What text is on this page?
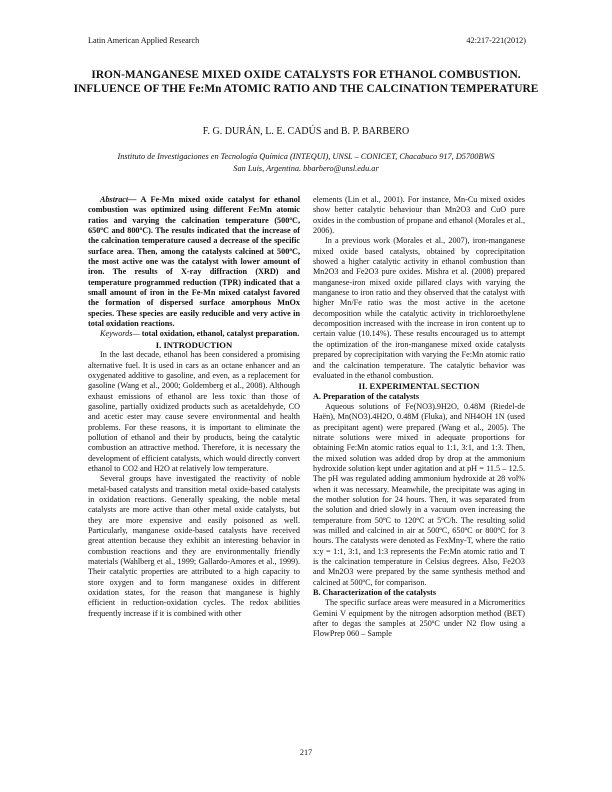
Latin American Applied Research	42:217-221(2012)
IRON-MANGANESE MIXED OXIDE CATALYSTS FOR ETHANOL COMBUSTION. INFLUENCE OF THE Fe:Mn ATOMIC RATIO AND THE CALCINATION TEMPERATURE
F. G. DURÁN, L. E. CADÚS and B. P. BARBERO
Instituto de Investigaciones en Tecnología Química (INTEQUI), UNSL – CONICET, Chacabuco 917, D5700BWS
San Luis, Argentina. bbarbero@unsl.edu.ar

Abstract— A Fe-Mn mixed oxide catalyst for ethanol combustion was optimized using different Fe:Mn atomic ratios and varying the calcination temperature (500ºC, 650ºC and 800ºC). The results indicated that the increase of the calcination temperature caused a decrease of the specific surface area. Then, among the catalysts calcined at 500ºC, the most active one was the catalyst with lower amount of iron. The results of X-ray diffraction (XRD) and temperature programmed reduction (TPR) indicated that a small amount of iron in the Fe-Mn mixed catalyst favored the formation of dispersed surface amorphous MnOx species. These species are easily reducible and very active in total oxidation reactions.

Keywords— total oxidation, ethanol, catalyst preparation.

I. INTRODUCTION

In the last decade, ethanol has been considered a promising alternative fuel. It is used in cars as an octane enhancer and an oxygenated additive to gasoline, and even, as a replacement for gasoline (Wang et al., 2000; Goldemberg et al., 2008). Although exhaust emissions of ethanol are less toxic than those of gasoline, partially oxidized products such as acetaldehyde, CO and acetic ester may cause severe environmental and health problems. For these reasons, it is important to eliminate the pollution of ethanol and their by products, being the catalytic combustion an attractive method. Therefore, it is necessary the development of efficient catalysts, which would directly convert ethanol to CO2 and H2O at relatively low temperature.

Several groups have investigated the reactivity of noble metal-based catalysts and transition metal oxide-based catalysts in oxidation reactions. Generally speaking, the noble metal catalysts are more active than other metal oxide catalysts, but they are more expensive and easily poisoned as well. Particularly, manganese oxide-based catalysts have received great attention because they exhibit an interesting behavior in combustion reactions and they are environmentally friendly materials (Wahlberg et al., 1999; Gallardo-Amores et al., 1999). Their catalytic properties are attributed to a high capacity to store oxygen and to form manganese oxides in different oxidation states, for the reason that manganese is highly efficient in reduction-oxidation cycles. The redox abilities frequently increase if it is combined with other

elements (Lin et al., 2001). For instance, Mn-Cu mixed oxides show better catalytic behaviour than Mn2O3 and CuO pure oxides in the combustion of propane and ethanol (Morales et al., 2006).

In a previous work (Morales et al., 2007), iron-manganese mixed oxide based catalysts, obtained by coprecipitation showed a higher catalytic activity in ethanol combustion than Mn2O3 and Fe2O3 pure oxides. Mishra et al. (2008) prepared manganese-iron mixed oxide pillared clays with varying the manganese to iron ratio and they observed that the catalyst with higher Mn/Fe ratio was the most active in the acetone decomposition while the catalytic activity in trichloroethylene decomposition increased with the increase in iron content up to certain value (10.14%). These results encouraged us to attempt the optimization of the iron-manganese mixed oxide catalysts prepared by coprecipitation with varying the Fe:Mn atomic ratio and the calcination temperature. The catalytic behavior was evaluated in the ethanol combustion.

II. EXPERIMENTAL SECTION

A. Preparation of the catalysts

Aqueous solutions of Fe(NO3).9H2O, 0.48M (Riedel-de Haën), Mn(NO3).4H2O, 0.48M (Fluka), and NH4OH 1N (used as precipitant agent) were prepared (Wang et al., 2005). The nitrate solutions were mixed in adequate proportions for obtaining Fe:Mn atomic ratios equal to 1:1, 3:1, and 1:3. Then, the mixed solution was added drop by drop at the ammonium hydroxide solution kept under agitation and at pH = 11.5 – 12.5. The pH was regulated adding ammonium hydroxide at 28 vol% when it was necessary. Meanwhile, the precipitate was aging in the mother solution for 24 hours. Then, it was separated from the solution and dried slowly in a vacuum oven increasing the temperature from 50ºC to 120ºC at 5ºC/h. The resulting solid was milled and calcined in air at 500ºC, 650ºC or 800ºC for 3 hours. The catalysts were denoted as FexMny-T, where the ratio x:y = 1:1, 3:1, and 1:3 represents the Fe:Mn atomic ratio and T is the calcination temperature in Celsius degrees. Also, Fe2O3 and Mn2O3 were prepared by the same synthesis method and calcined at 500ºC, for comparison.

B. Characterization of the catalysts

The specific surface areas were measured in a Micromeritics Gemini V equipment by the nitrogen adsorption method (BET) after to degas the samples at 250ºC under N2 flow using a FlowPrep 060 – Sample

217
